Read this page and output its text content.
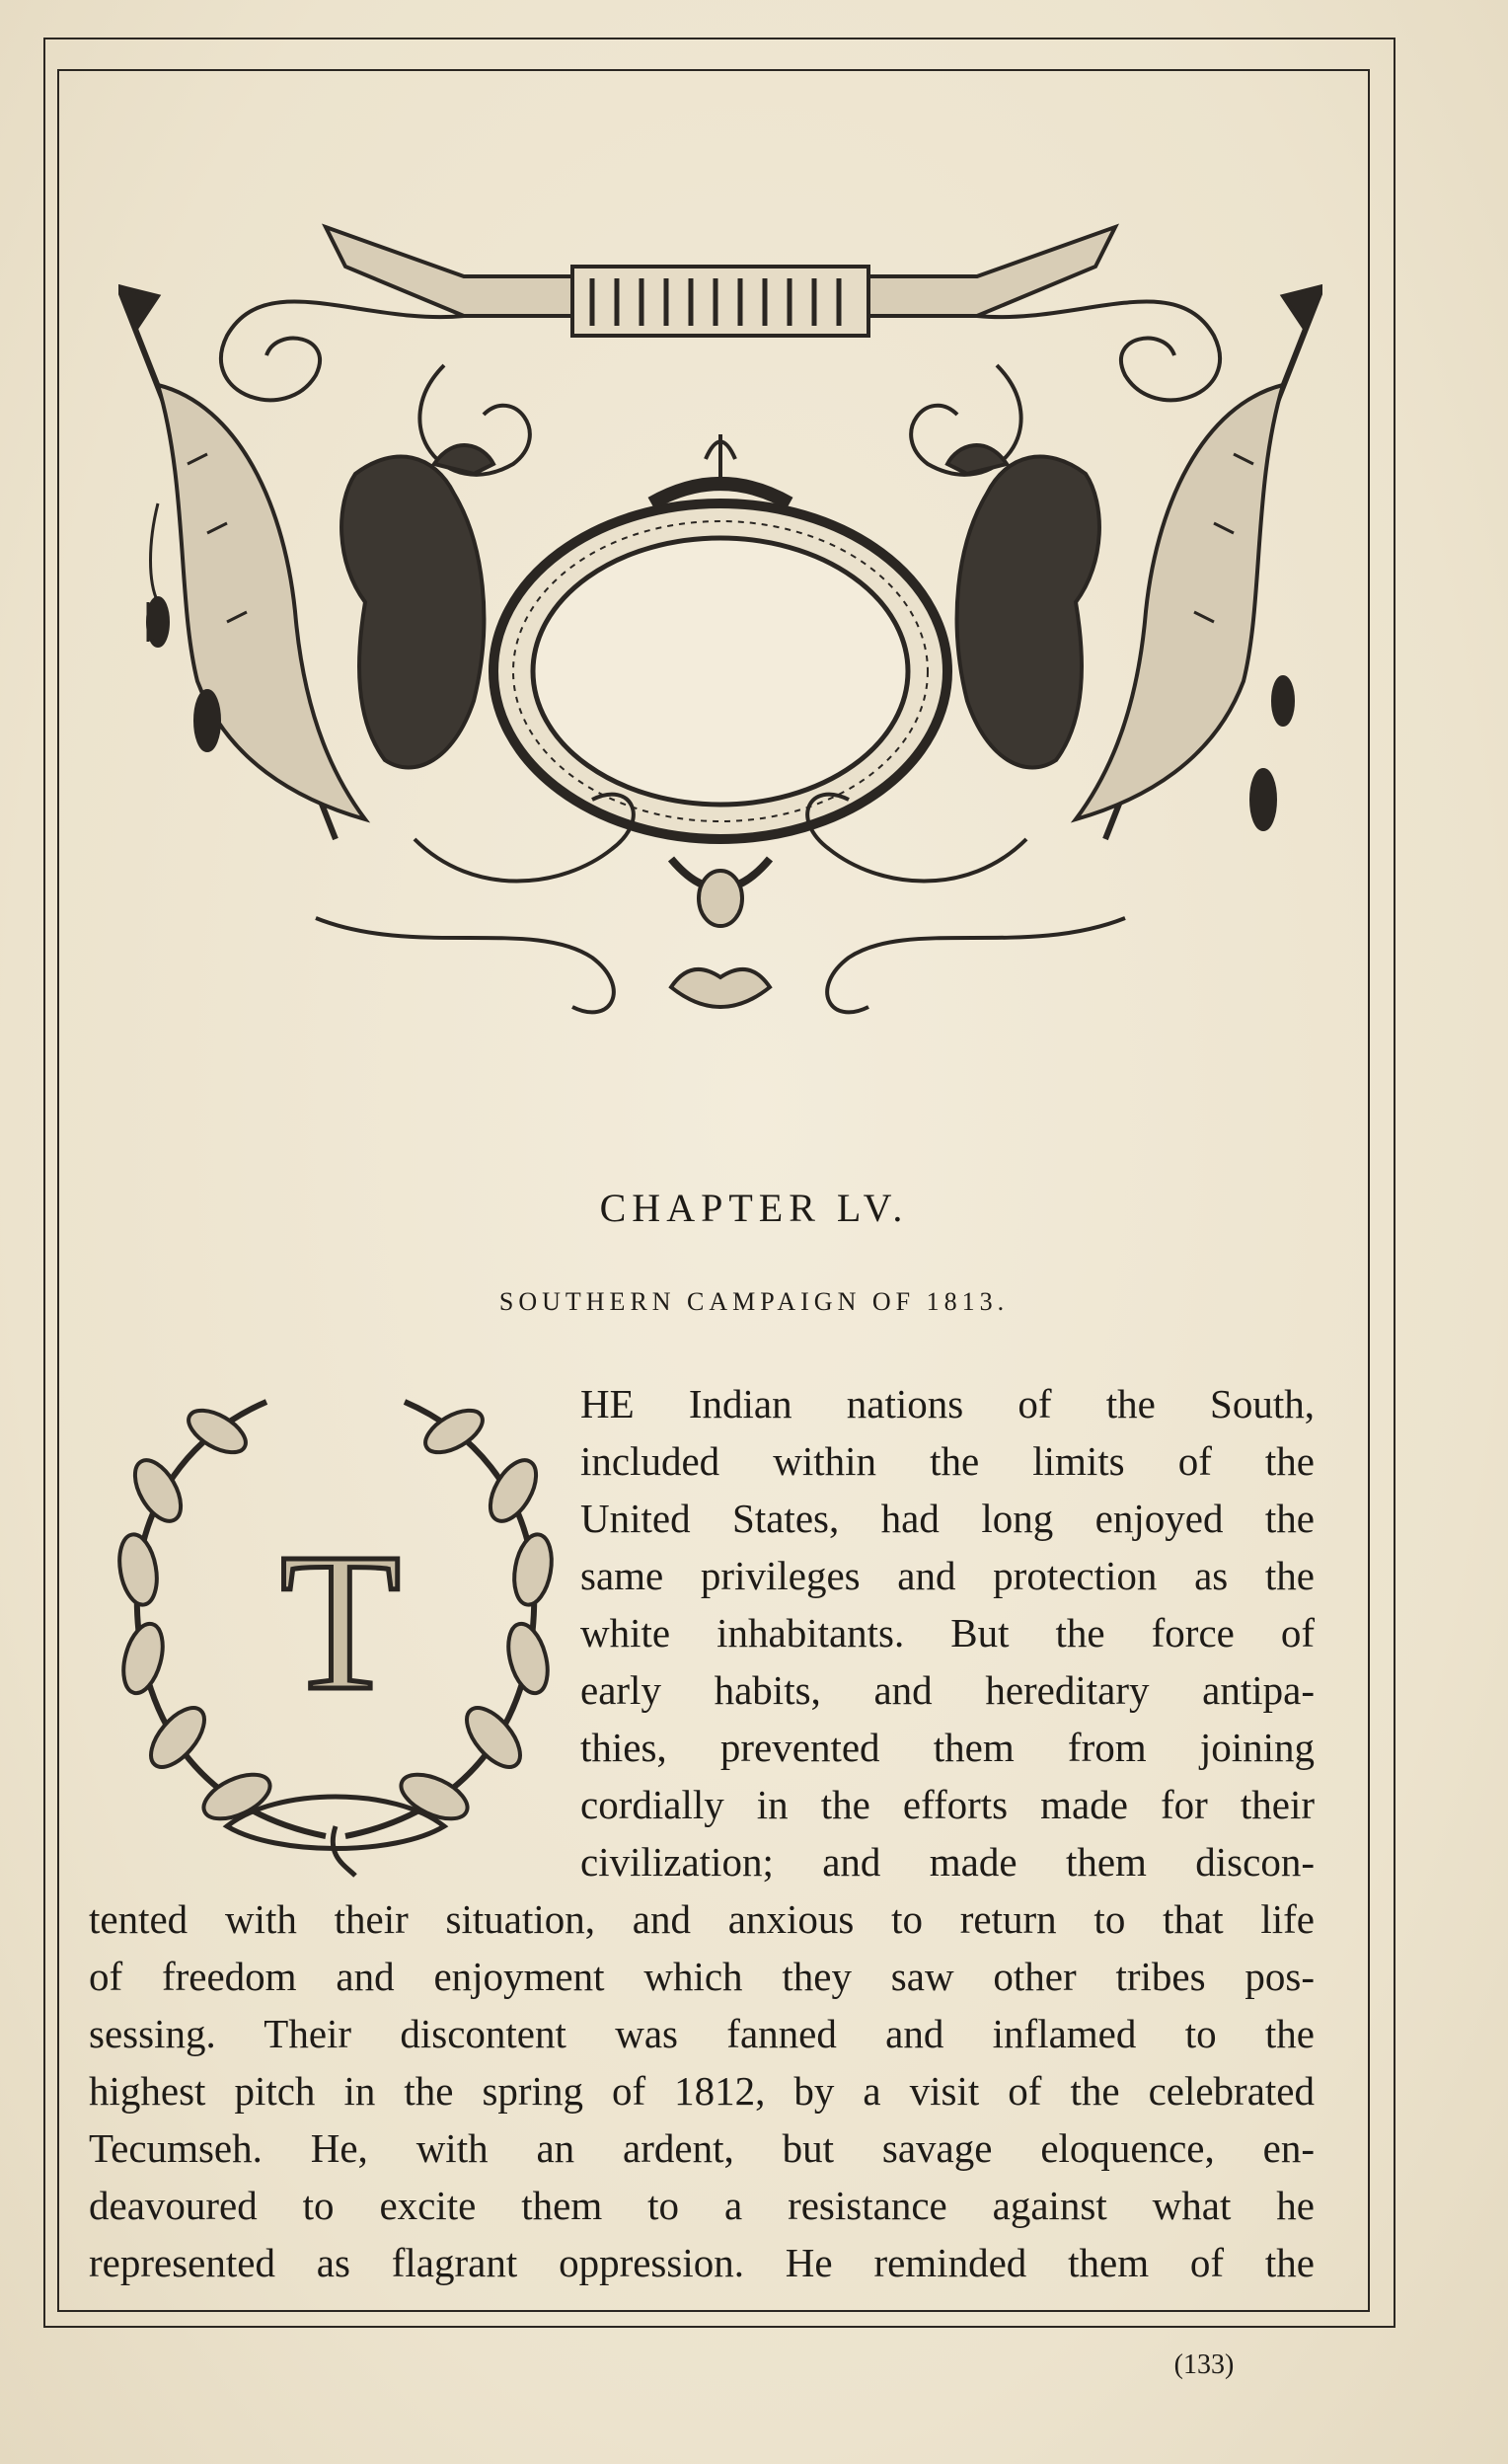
CHAPTER LV.
SOUTHERN CAMPAIGN OF 1813.
T
HE Indian nations of the South,
included within the limits of the
United States, had long enjoyed the
same privileges and protection as the
white inhabitants. But the force of
early habits, and hereditary antipa-
thies, prevented them from joining
cordially in the efforts made for their
civilization; and made them discon-
tented with their situation, and anxious to return to that life
of freedom and enjoyment which they saw other tribes pos-
sessing. Their discontent was fanned and inflamed to the
highest pitch in the spring of 1812, by a visit of the celebrated
Tecumseh. He, with an ardent, but savage eloquence, en-
deavoured to excite them to a resistance against what he
represented as flagrant oppression. He reminded them of the
(133)
